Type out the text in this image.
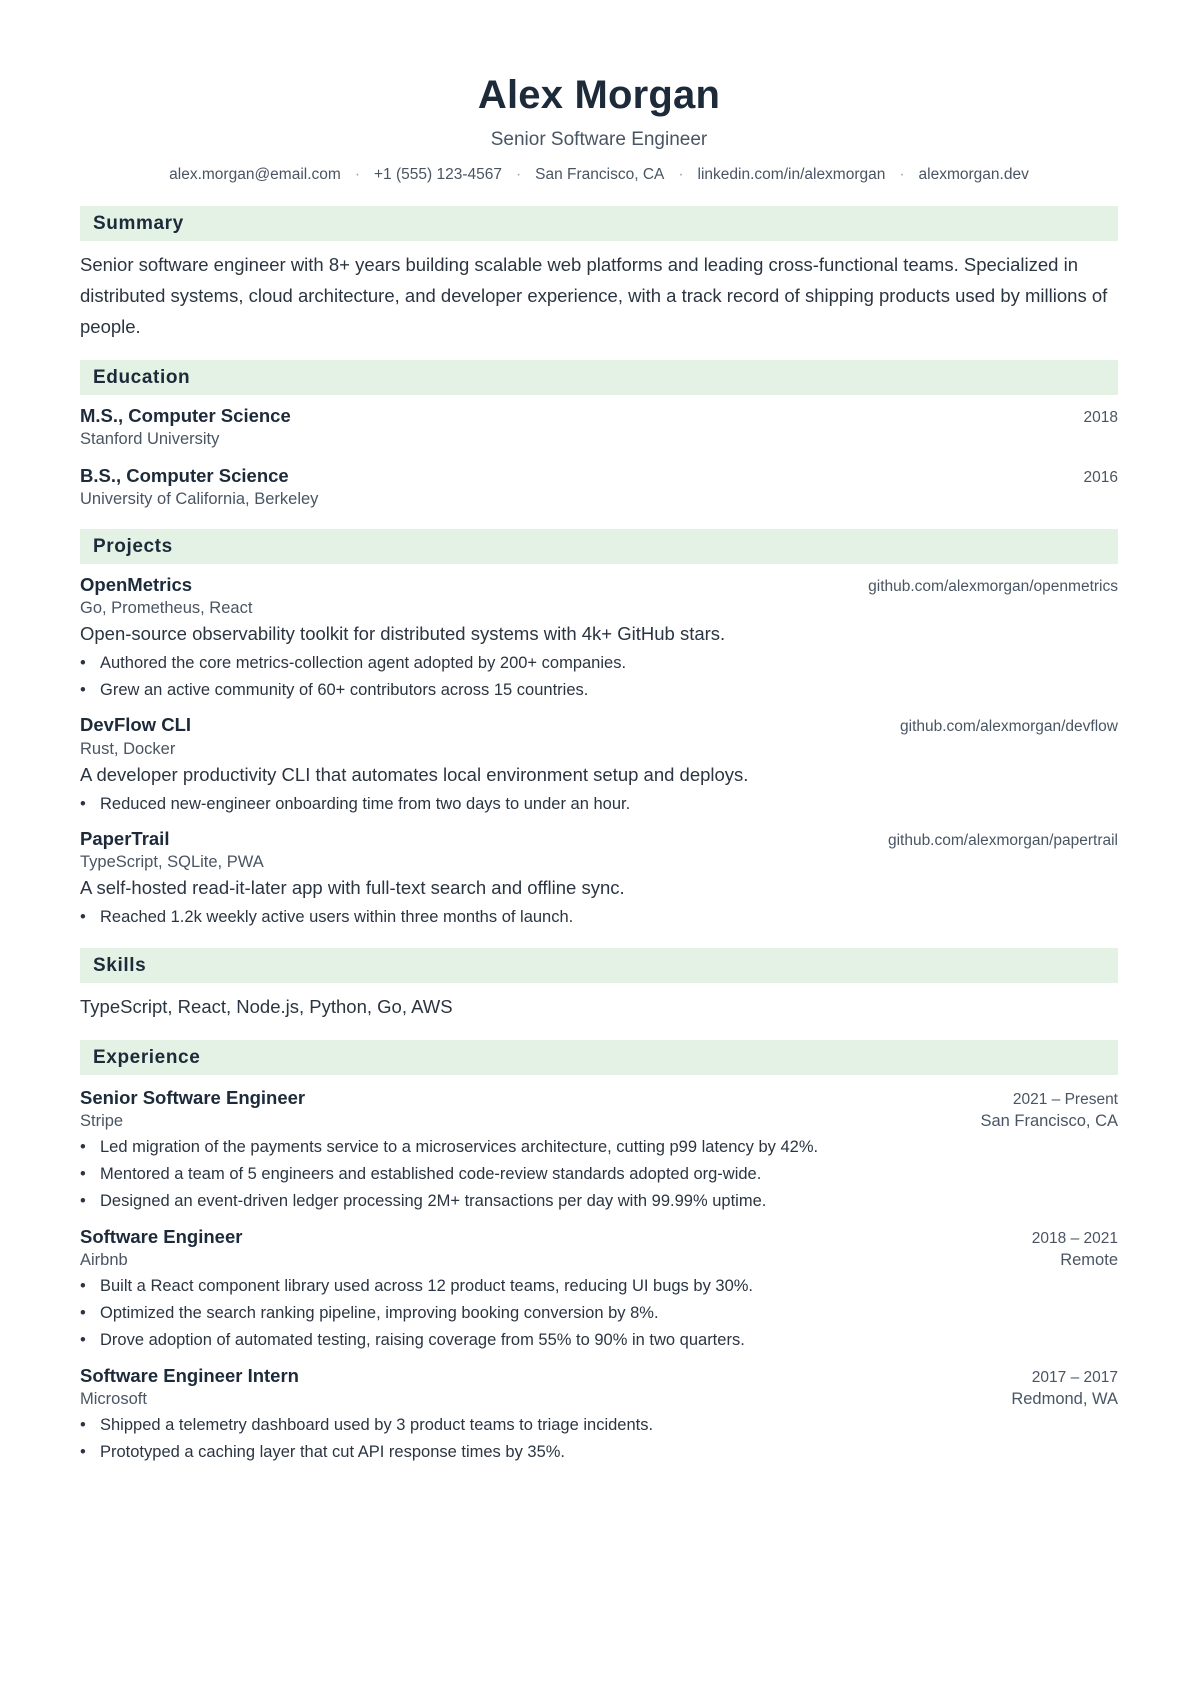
Alex Morgan
Senior Software Engineer
alex.morgan@email.com · +1 (555) 123-4567 · San Francisco, CA · linkedin.com/in/alexmorgan · alexmorgan.dev
Summary

Senior software engineer with 8+ years building scalable web platforms and leading cross-functional teams. Specialized in distributed systems, cloud architecture, and developer experience, with a track record of shipping products used by millions of people.

Education
M.S., Computer Science	2018
Stanford University
B.S., Computer Science	2016
University of California, Berkeley
Projects
OpenMetrics	github.com/alexmorgan/openmetrics
Go, Prometheus, React
Open-source observability toolkit for distributed systems with 4k+ GitHub stars.
• Authored the core metrics-collection agent adopted by 200+ companies.
• Grew an active community of 60+ contributors across 15 countries.
DevFlow CLI	github.com/alexmorgan/devflow
Rust, Docker
A developer productivity CLI that automates local environment setup and deploys.
• Reduced new-engineer onboarding time from two days to under an hour.
PaperTrail	github.com/alexmorgan/papertrail
TypeScript, SQLite, PWA
A self-hosted read-it-later app with full-text search and offline sync.
• Reached 1.2k weekly active users within three months of launch.
Skills
TypeScript, React, Node.js, Python, Go, AWS
Experience
Senior Software Engineer	2021 – Present
Stripe	San Francisco, CA
• Led migration of the payments service to a microservices architecture, cutting p99 latency by 42%.
• Mentored a team of 5 engineers and established code-review standards adopted org-wide.
• Designed an event-driven ledger processing 2M+ transactions per day with 99.99% uptime.
Software Engineer	2018 – 2021
Airbnb	Remote
• Built a React component library used across 12 product teams, reducing UI bugs by 30%.
• Optimized the search ranking pipeline, improving booking conversion by 8%.
• Drove adoption of automated testing, raising coverage from 55% to 90% in two quarters.
Software Engineer Intern	2017 – 2017
Microsoft	Redmond, WA
• Shipped a telemetry dashboard used by 3 product teams to triage incidents.
• Prototyped a caching layer that cut API response times by 35%.
